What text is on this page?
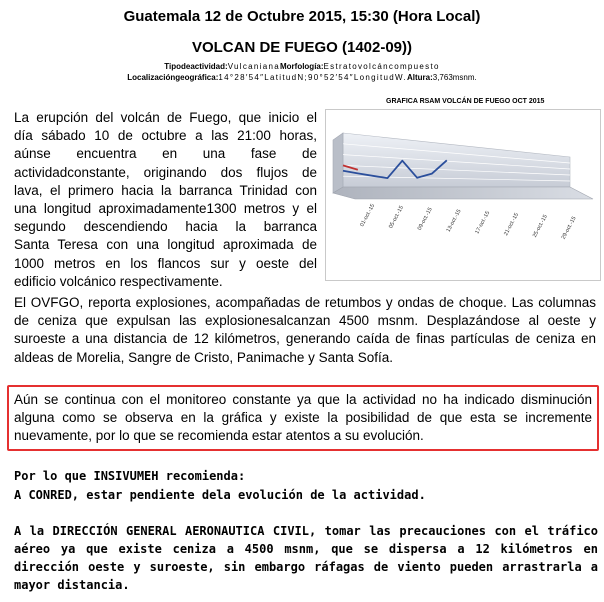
Guatemala 12 de Octubre 2015, 15:30 (Hora Local)
VOLCAN DE FUEGO (1402-09))
Tipodeactividad:VulcanianaMorfología:Estratovolcáncompuesto
Localizacióngeográfica:14°28′54″LatitudN;90°52′54″LongitudW.Altura:3,763msnm.
La erupción del volcán de Fuego, que inicio el
día sábado 10 de octubre a las 21:00 horas,
aúnse encuentra en una fase de
actividadconstante, originando dos flujos de
lava, el primero hacia la barranca Trinidad con
una longitud aproximadamente1300 metros y el
segundo descendiendo hacia la barranca
Santa Teresa con una longitud aproximada de
1000 metros en los flancos sur y oeste del
edificio volcánico respectivamente.
GRAFICA RSAM VOLCÁN DE FUEGO OCT 2015
01-oct.-15 05-oct.-15 09-oct.-15 13-oct.-15 17-oct.-15 21-oct.-15 25-oct.-15 29-oct.-15
El OVFGO, reporta explosiones, acompañadas de retumbos y ondas de choque. Las columnas de ceniza que expulsan las explosionesalcanzan 4500 msnm. Desplazándose al oeste y suroeste a una distancia de 12 kilómetros, generando caída de finas partículas de ceniza en aldeas de Morelia, Sangre de Cristo, Panimache y Santa Sofía.
Aún se continua con el monitoreo constante ya que la actividad no ha indicado disminución alguna como se observa en la gráfica y existe la posibilidad de que esta se incremente nuevamente, por lo que se recomienda estar atentos a su evolución.
Por lo que INSIVUMEH recomienda:
A CONRED, estar pendiente dela evolución de la actividad.
A la DIRECCIÓN GENERAL AERONAUTICA CIVIL, tomar las precauciones con el tráfico aéreo ya que existe ceniza a 4500 msnm, que se dispersa a 12 kilómetros en dirección oeste y suroeste, sin embargo ráfagas de viento pueden arrastrarla a mayor distancia.
